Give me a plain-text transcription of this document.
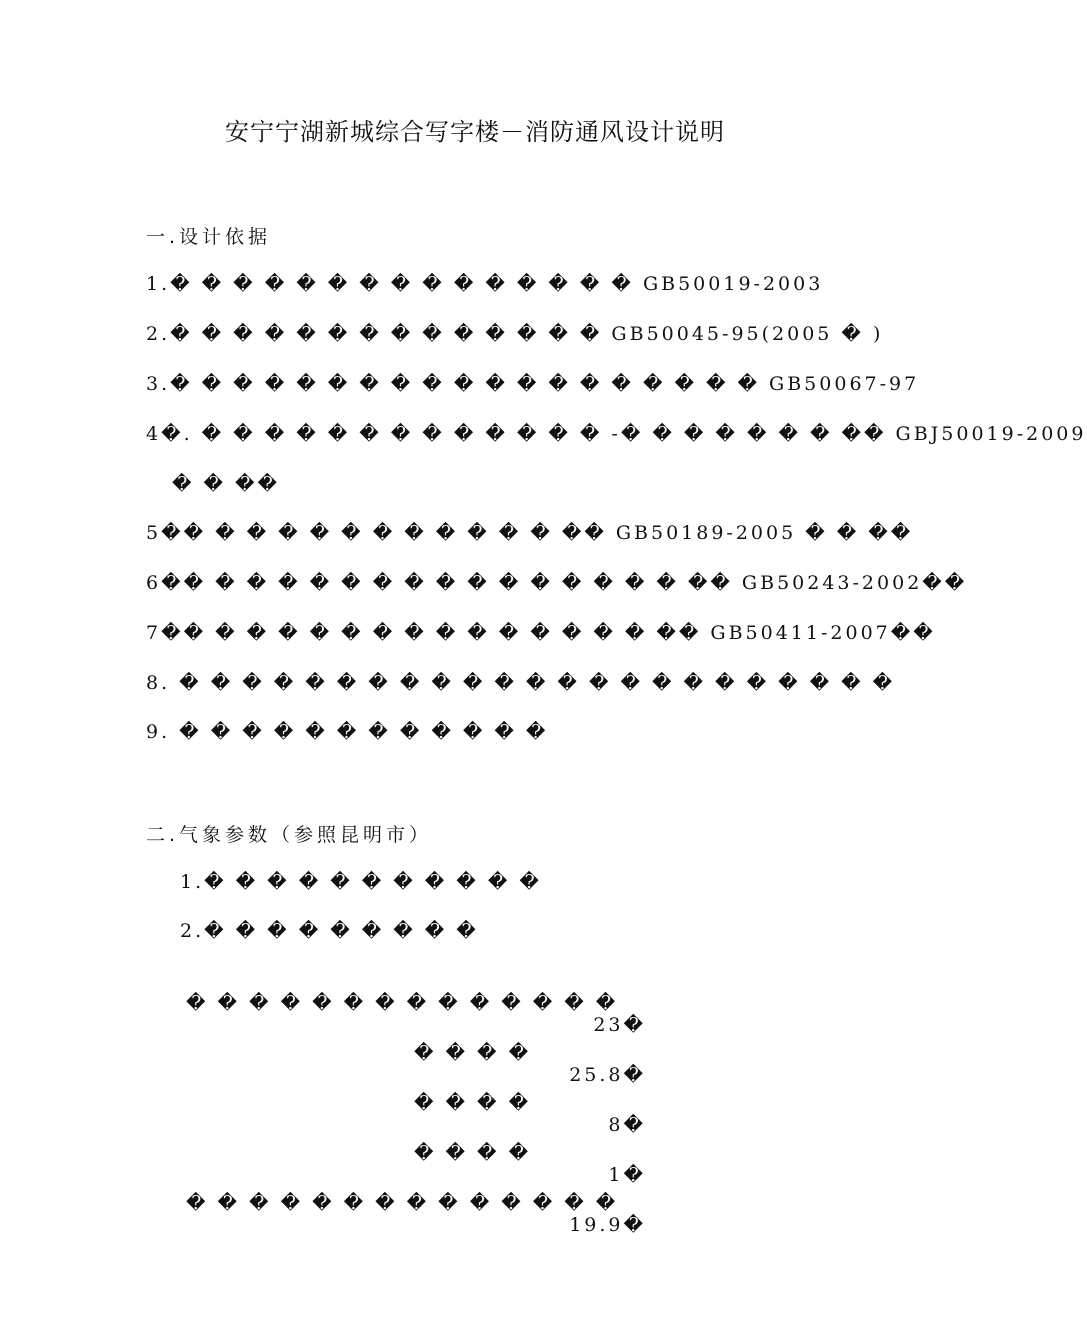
安宁宁湖新城综合写字楼－消防通风设计说明
一.设计依据
1.� � � � � � � � � � � � � � � GB50019-2003
2.� � � � � � � � � � � � � � GB50045-95(2005 � )
3.� � � � � � � � � � � � � � � � � � � GB50067-97
4�. � � � � � � � � � � � � � -� � � � � � � �� GBJ50019-2009
� � ��
5�� � � � � � � � � � � � �� GB50189-2005 � � ��
6�� � � � � � � � � � � � � � � � �� GB50243-2002��
7�� � � � � � � � � � � � � � � �� GB50411-2007��
8. � � � � � � � � � � � � � � � � � � � � � � �
9. � � � � � � � � � � � �
二.气象参数（参照昆明市）
1.� � � � � � � � � � �
2.� � � � � � � � �

� � � � � � � � � � � � � �

23�

� � � �

25.8�

� � � �

8�

� � � �

1�

� � � � � � � � � � � � � �

19.9�
